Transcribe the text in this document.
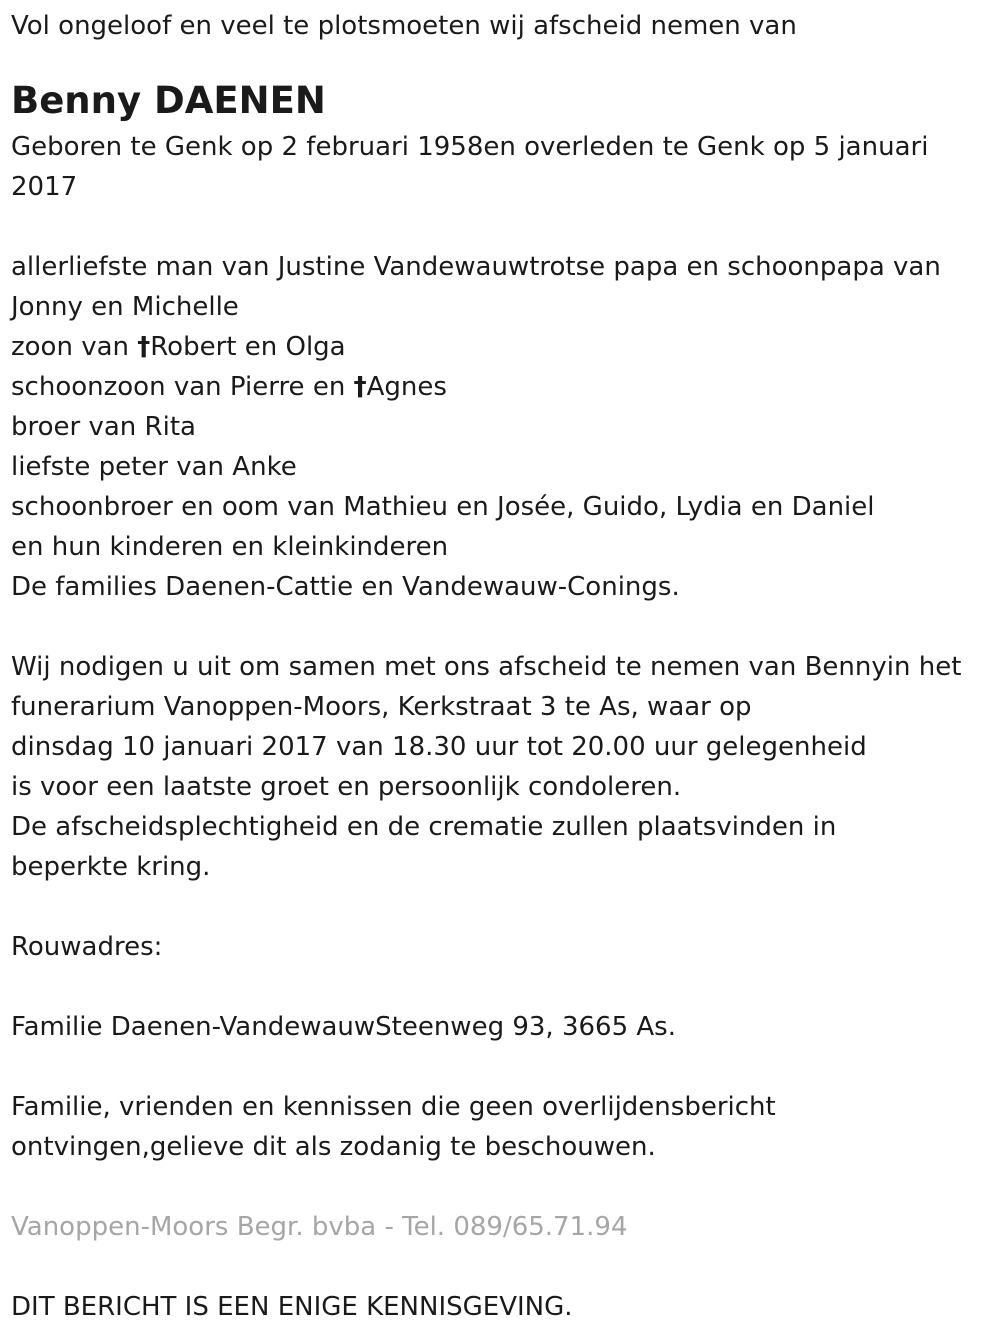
Vol ongeloof en veel te plotsmoeten wij afscheid nemen van
Benny DAENEN
Geboren te Genk op 2 februari 1958en overleden te Genk op 5 januari
2017
allerliefste man van Justine Vandewauwtrotse papa en schoonpapa van
Jonny en Michelle
zoon van †Robert en Olga
schoonzoon van Pierre en †Agnes
broer van Rita
liefste peter van Anke
schoonbroer en oom van Mathieu en Josée, Guido, Lydia en Daniel
en hun kinderen en kleinkinderen
De families Daenen-Cattie en Vandewauw-Conings.
Wij nodigen u uit om samen met ons afscheid te nemen van Bennyin het
funerarium Vanoppen-Moors, Kerkstraat 3 te As, waar op
dinsdag 10 januari 2017 van 18.30 uur tot 20.00 uur gelegenheid
is voor een laatste groet en persoonlijk condoleren.
De afscheidsplechtigheid en de crematie zullen plaatsvinden in
beperkte kring.
Rouwadres:
Familie Daenen-VandewauwSteenweg 93, 3665 As.
Familie, vrienden en kennissen die geen overlijdensbericht
ontvingen,gelieve dit als zodanig te beschouwen.
Vanoppen-Moors Begr. bvba - Tel. 089/65.71.94
DIT BERICHT IS EEN ENIGE KENNISGEVING.
